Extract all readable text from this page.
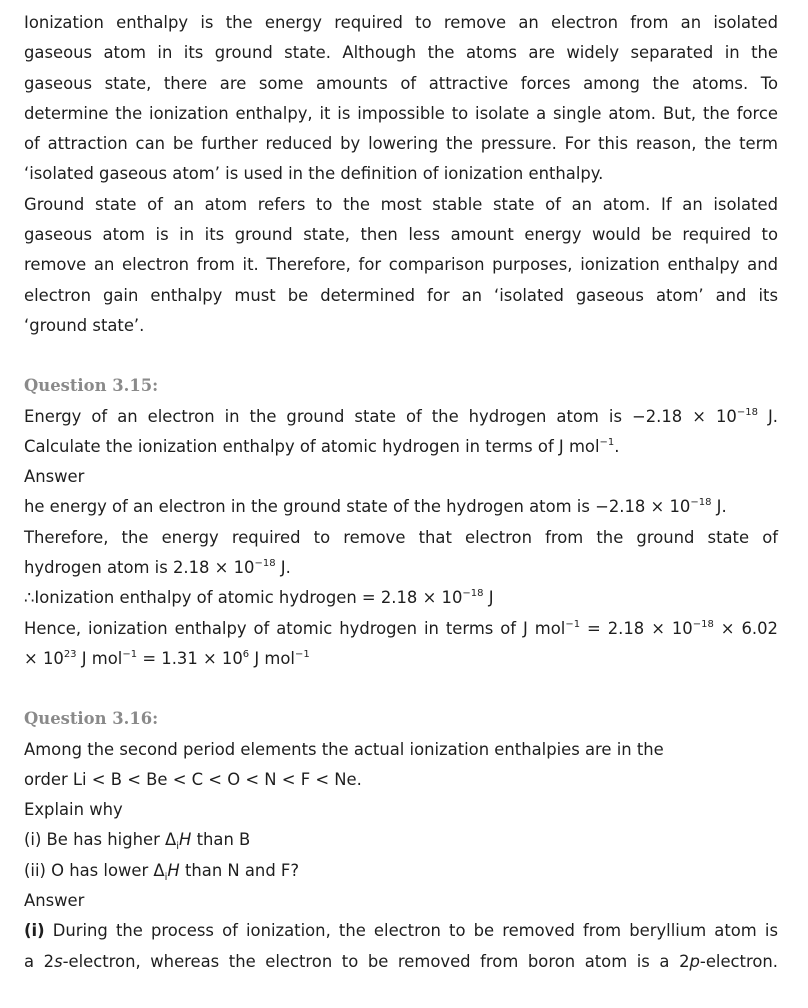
Ionization enthalpy is the energy required to remove an electron from an isolated
gaseous atom in its ground state. Although the atoms are widely separated in the
gaseous state, there are some amounts of attractive forces among the atoms. To
determine the ionization enthalpy, it is impossible to isolate a single atom. But, the force
of attraction can be further reduced by lowering the pressure. For this reason, the term
‘isolated gaseous atom’ is used in the definition of ionization enthalpy.
Ground state of an atom refers to the most stable state of an atom. If an isolated
gaseous atom is in its ground state, then less amount energy would be required to
remove an electron from it. Therefore, for comparison purposes, ionization enthalpy and
electron gain enthalpy must be determined for an ‘isolated gaseous atom’ and its
‘ground state’.
Question 3.15:
Energy of an electron in the ground state of the hydrogen atom is $-2.18 \times 10^{-18}$ J.
Calculate the ionization enthalpy of atomic hydrogen in terms of J mol$^{-1}$.
Answer
he energy of an electron in the ground state of the hydrogen atom is $-2.18 \times 10^{-18}$ J.
Therefore, the energy required to remove that electron from the ground state of
hydrogen atom is $2.18 \times 10^{-18}$ J.
∴Ionization enthalpy of atomic hydrogen = $2.18 \times 10^{-18}$ J
Hence, ionization enthalpy of atomic hydrogen in terms of J $mol^{-1} = 2.18 \times 10^{-18} \times 6.02$
× $10^{23}$ J $mol^{-1} = 1.31 \times 10^6$ J mol$^{-1}$
Question 3.16:
Among the second period elements the actual ionization enthalpies are in the
order Li < B < Be < C < O < N < F < Ne.
Explain why
(i) Be has higher $\Delta_iH$ than B
(ii) O has lower $\Delta_iH$ than N and F?
Answer
(i) During the process of ionization, the electron to be removed from beryllium atom is
a 2s-electron, whereas the electron to be removed from boron atom is a 2p-electron.
